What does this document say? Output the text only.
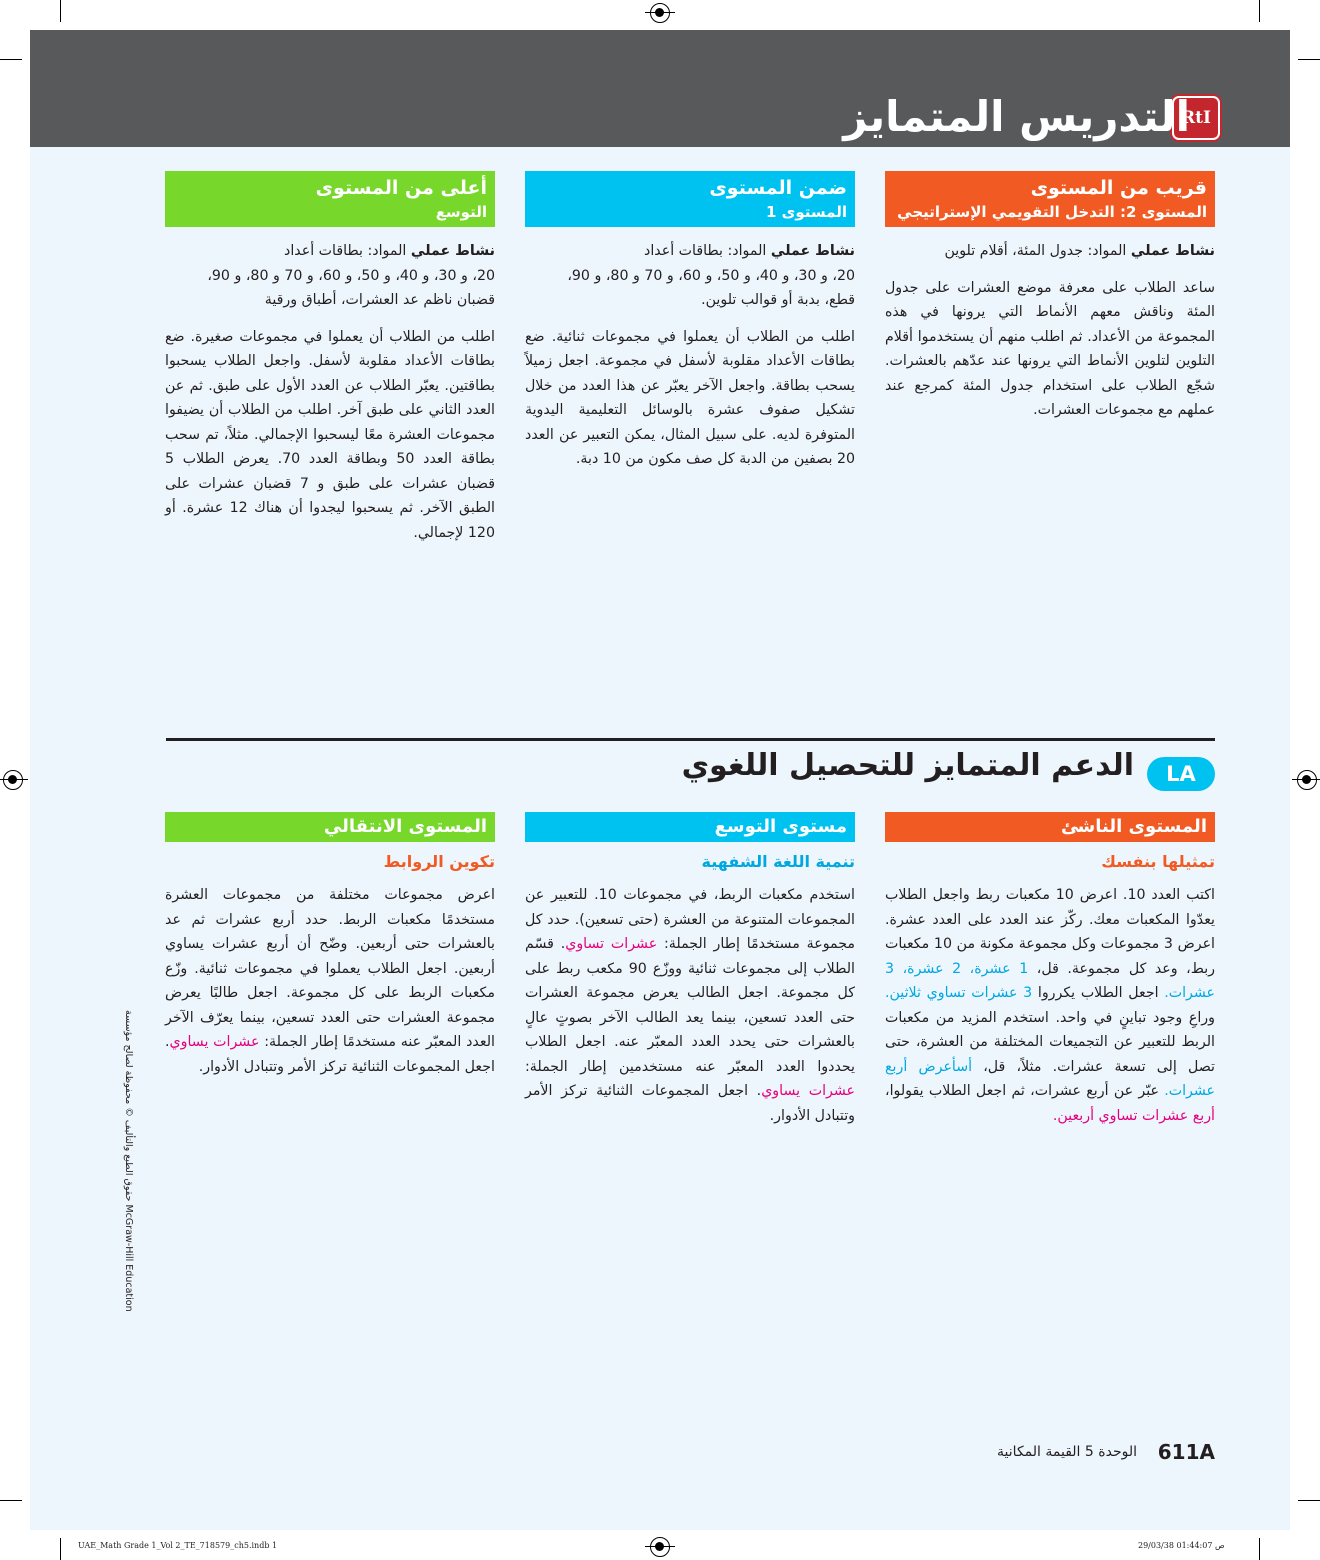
RtI
التدريس المتمايز
قريب من المستوى
المستوى 2: التدخل التقويمي الإستراتيجي

نشاط عملي المواد: جدول المئة، أقلام تلوين

ساعد الطلاب على معرفة موضع العشرات على جدول المئة وناقش معهم الأنماط التي يرونها في هذه المجموعة من الأعداد. ثم اطلب منهم أن يستخدموا أقلام التلوين لتلوين الأنماط التي يرونها عند عدّهم بالعشرات. شجّع الطلاب على استخدام جدول المئة كمرجع عند عملهم مع مجموعات العشرات.

ضمن المستوى
المستوى 1

نشاط عملي المواد: بطاقات أعداد

20، و 30، و 40، و 50، و 60، و 70 و 80، و 90،

قطع، بدبة أو قوالب تلوين.

اطلب من الطلاب أن يعملوا في مجموعات ثنائية. ضع بطاقات الأعداد مقلوبة لأسفل في مجموعة. اجعل زميلاً يسحب بطاقة. واجعل الآخر يعبّر عن هذا العدد من خلال تشكيل صفوف عشرة بالوسائل التعليمية اليدوية المتوفرة لديه. على سبيل المثال، يمكن التعبير عن العدد 20 بصفين من الدبة كل صف مكون من 10 دبة.

أعلى من المستوى
التوسع

نشاط عملي المواد: بطاقات أعداد

20، و 30، و 40، و 50، و 60، و 70 و 80، و 90،

قضبان ناظم عد العشرات، أطباق ورقية

اطلب من الطلاب أن يعملوا في مجموعات صغيرة. ضع بطاقات الأعداد مقلوبة لأسفل. واجعل الطلاب يسحبوا بطاقتين. يعبّر الطلاب عن العدد الأول على طبق. ثم عن العدد الثاني على طبق آخر. اطلب من الطلاب أن يضيفوا مجموعات العشرة معًا ليسحبوا الإجمالي. مثلاً، تم سحب بطاقة العدد 50 وبطاقة العدد 70. يعرض الطلاب 5 قضبان عشرات على طبق و 7 قضبان عشرات على الطبق الآخر. ثم يسحبوا ليجدوا أن هناك 12 عشرة. أو 120 لإجمالي.

LA
الدعم المتمايز للتحصيل اللغوي
المستوى الناشئ
تمثيلها بنفسك

اكتب العدد 10. اعرض 10 مكعبات ربط واجعل الطلاب يعدّوا المكعبات معك. ركّز عند العدد على العدد عشرة. اعرض 3 مجموعات وكل مجموعة مكونة من 10 مكعبات ربط، وعد كل مجموعة. قل، 1 عشرة، 2 عشرة، 3 عشرات. اجعل الطلاب يكرروا 3 عشرات تساوي ثلاثين. وراعِ وجود تباينٍ في واحد. استخدم المزيد من مكعبات الربط للتعبير عن التجميعات المختلفة من العشرة، حتى تصل إلى تسعة عشرات. مثلاً، قل، أسأعرض أربع عشرات. عبّر عن أربع عشرات، ثم اجعل الطلاب يقولوا، أربع عشرات تساوي أربعين.

مستوى التوسع
تنمية اللغة الشفهية

استخدم مكعبات الربط، في مجموعات 10. للتعبير عن المجموعات المتنوعة من العشرة (حتى تسعين). حدد كل مجموعة مستخدمًا إطار الجملة: عشرات تساوي. قسّم الطلاب إلى مجموعات ثنائية ووزّع 90 مكعب ربط على كل مجموعة. اجعل الطالب يعرض مجموعة العشرات حتى العدد تسعين، بينما يعد الطالب الآخر بصوتٍ عالٍ بالعشرات حتى يحدد العدد المعبّر عنه. اجعل الطلاب يحددوا العدد المعبّر عنه مستخدمين إطار الجملة: عشرات يساوي. اجعل المجموعات الثنائية تركز الأمر وتتبادل الأدوار.

المستوى الانتقالي
تكوين الروابط

اعرض مجموعات مختلفة من مجموعات العشرة مستخدمًا مكعبات الربط. حدد أربع عشرات ثم عد بالعشرات حتى أربعين. وضّح أن أربع عشرات يساوي أربعين. اجعل الطلاب يعملوا في مجموعات ثنائية. وزّع مكعبات الربط على كل مجموعة. اجعل طالبًا يعرض مجموعة العشرات حتى العدد تسعين، بينما يعرّف الآخر العدد المعبّر عنه مستخدمًا إطار الجملة: عشرات يساوي. اجعل المجموعات الثنائية تركز الأمر وتتبادل الأدوار.

حقوق الطبع والتأليف © محفوظة لصالح مؤسسة McGraw-Hill Education
الوحدة 5 القيمة المكانية 611A
UAE_Math Grade 1_Vol 2_TE_718579_ch5.indb 1	29/03/38 01:44:07 ص
